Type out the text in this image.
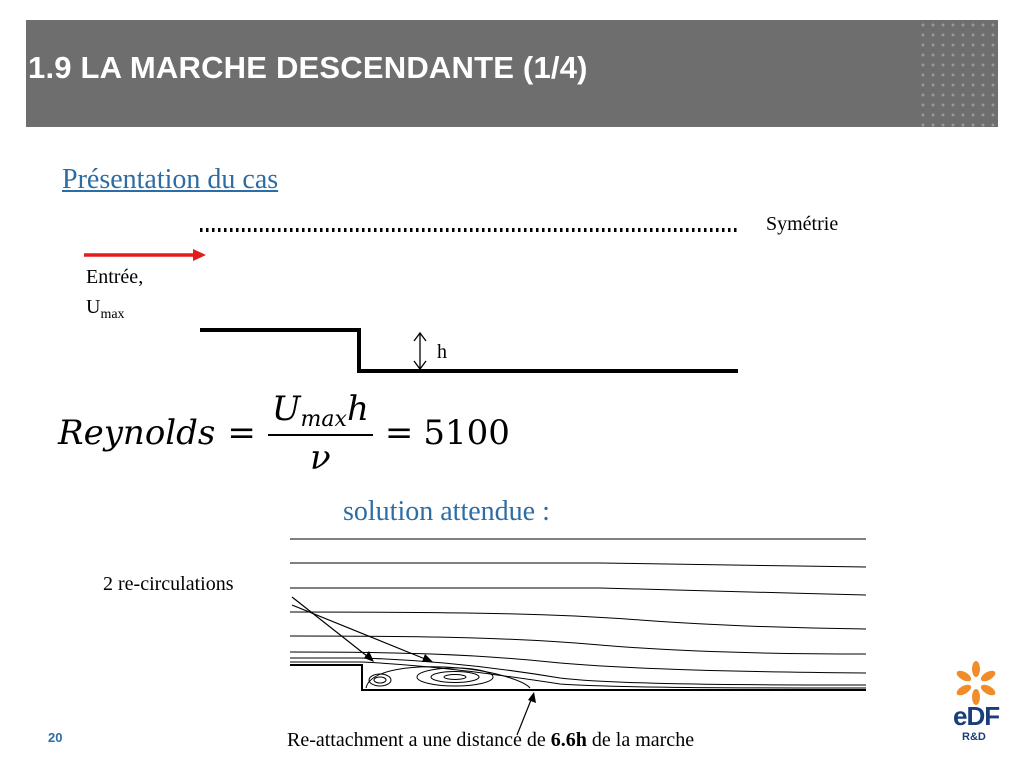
1.9 LA MARCHE DESCENDANTE (1/4)
Présentation du cas
Symétrie
Entrée,
$U_{max}$
h
Reynolds = $\frac{U_{max}h}{\nu} = 5100$
solution attendue :
2 re-circulations
Re-attachment a une distance de 6.6h de la marche
20
eDF
R&D
